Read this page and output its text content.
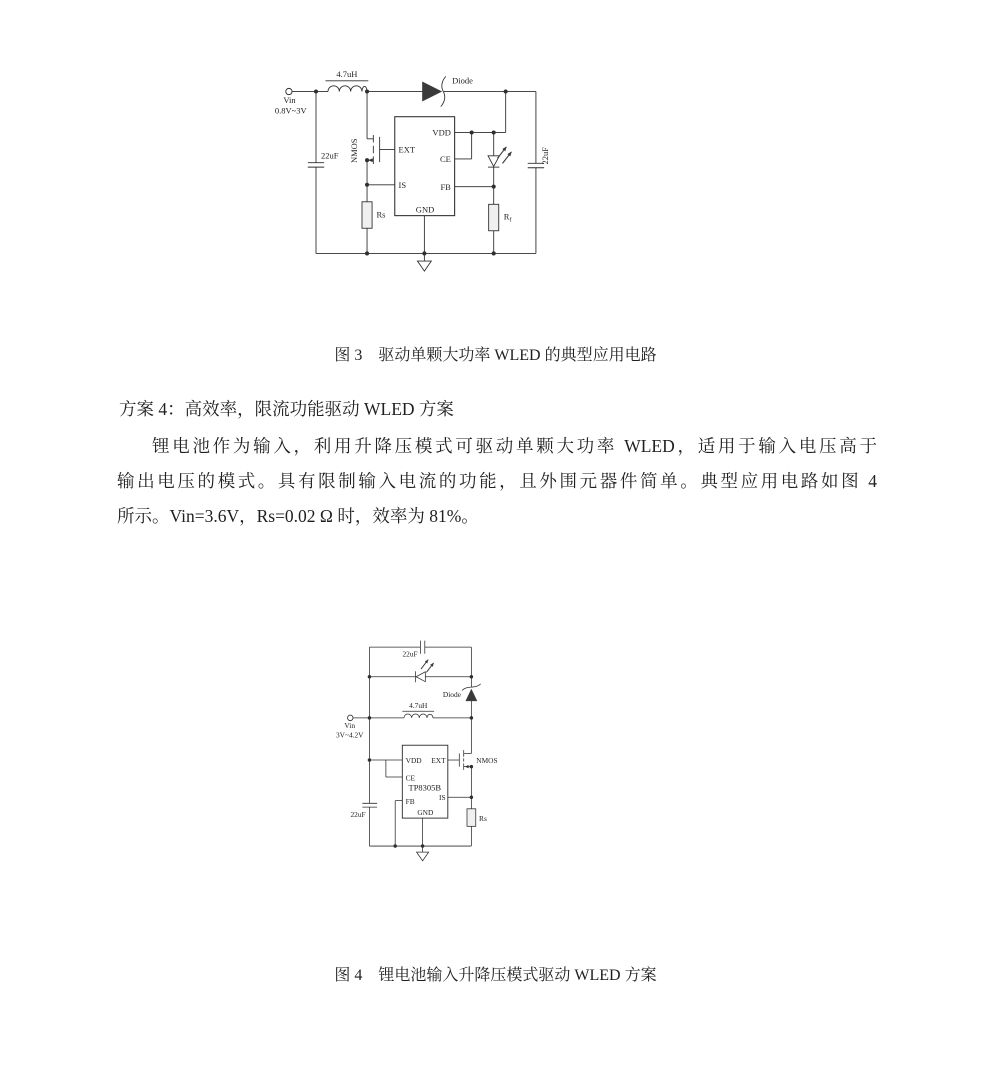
Vin
0.8V~3V
4.7uH
Diode
22uF NMOS
Rs
EXT
IS
VDD
CE
FB
GND
$R_f$
22uF
图 3　驱动单颗大功率 WLED 的典型应用电路
方案 4：高效率，限流功能驱动 WLED 方案
锂电池作为输入，利用升降压模式可驱动单颗大功率 WLED，适用于输入电压高于
输出电压的模式。具有限制输入电流的功能，且外围元器件简单。典型应用电路如图 4
所示。Vin=3.6V，Rs=0.02 Ω 时，效率为 81%。
22uF
Diode
4.7uH
Vin
3V~4.2V
VDD
CE
TP8305B
FB
EXT
IS
GND
NMOS
22uF	Rs
图 4　锂电池输入升降压模式驱动 WLED 方案
